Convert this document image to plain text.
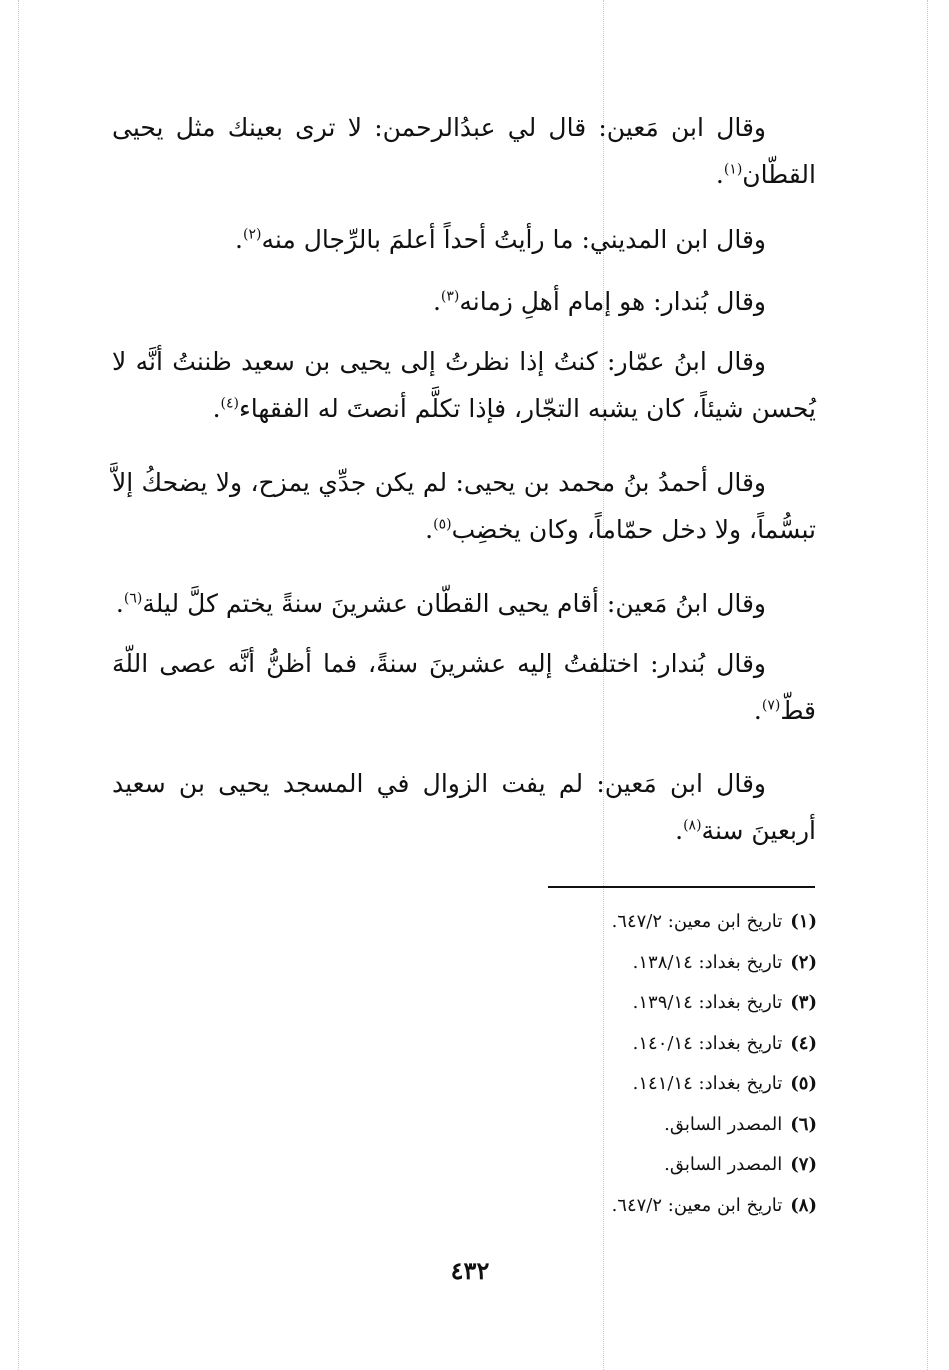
وقال ابن مَعين: قال لي عبدُالرحمن: لا ترى بعينك مثل يحيى القطّان$^{(١)}$.

وقال ابن المديني: ما رأيتُ أحداً أعلمَ بالرِّجال منه$^{(٢)}$.

وقال بُندار: هو إمام أهلِ زمانه$^{(٣)}$.

وقال ابنُ عمّار: كنتُ إذا نظرتُ إلى يحيى بن سعيد ظننتُ أنَّه لا يُحسن شيئاً، كان يشبه التجّار، فإذا تكلَّم أنصتَ له الفقهاء$^{(٤)}$.

وقال أحمدُ بنُ محمد بن يحيى: لم يكن جدِّي يمزح، ولا يضحكُ إلاَّ تبسُّماً، ولا دخل حمّاماً، وكان يخضِب$^{(٥)}$.

وقال ابنُ مَعين: أقام يحيى القطّان عشرينَ سنةً يختم كلَّ ليلة$^{(٦)}$.

وقال بُندار: اختلفتُ إليه عشرينَ سنةً، فما أظنُّ أنَّه عصى اللّهَ قطّ$^{(٧)}$.

وقال ابن مَعين: لم يفت الزوال في المسجد يحيى بن سعيد أربعينَ سنة$^{(٨)}$.

(١)تاريخ ابن معين: ٦٤٧/٢.
(٢)تاريخ بغداد: ١٣٨/١٤.
(٣)تاريخ بغداد: ١٣٩/١٤.
(٤)تاريخ بغداد: ١٤٠/١٤.
(٥)تاريخ بغداد: ١٤١/١٤.
(٦)المصدر السابق.
(٧)المصدر السابق.
(٨)تاريخ ابن معين: ٦٤٧/٢.
٤٣٢
